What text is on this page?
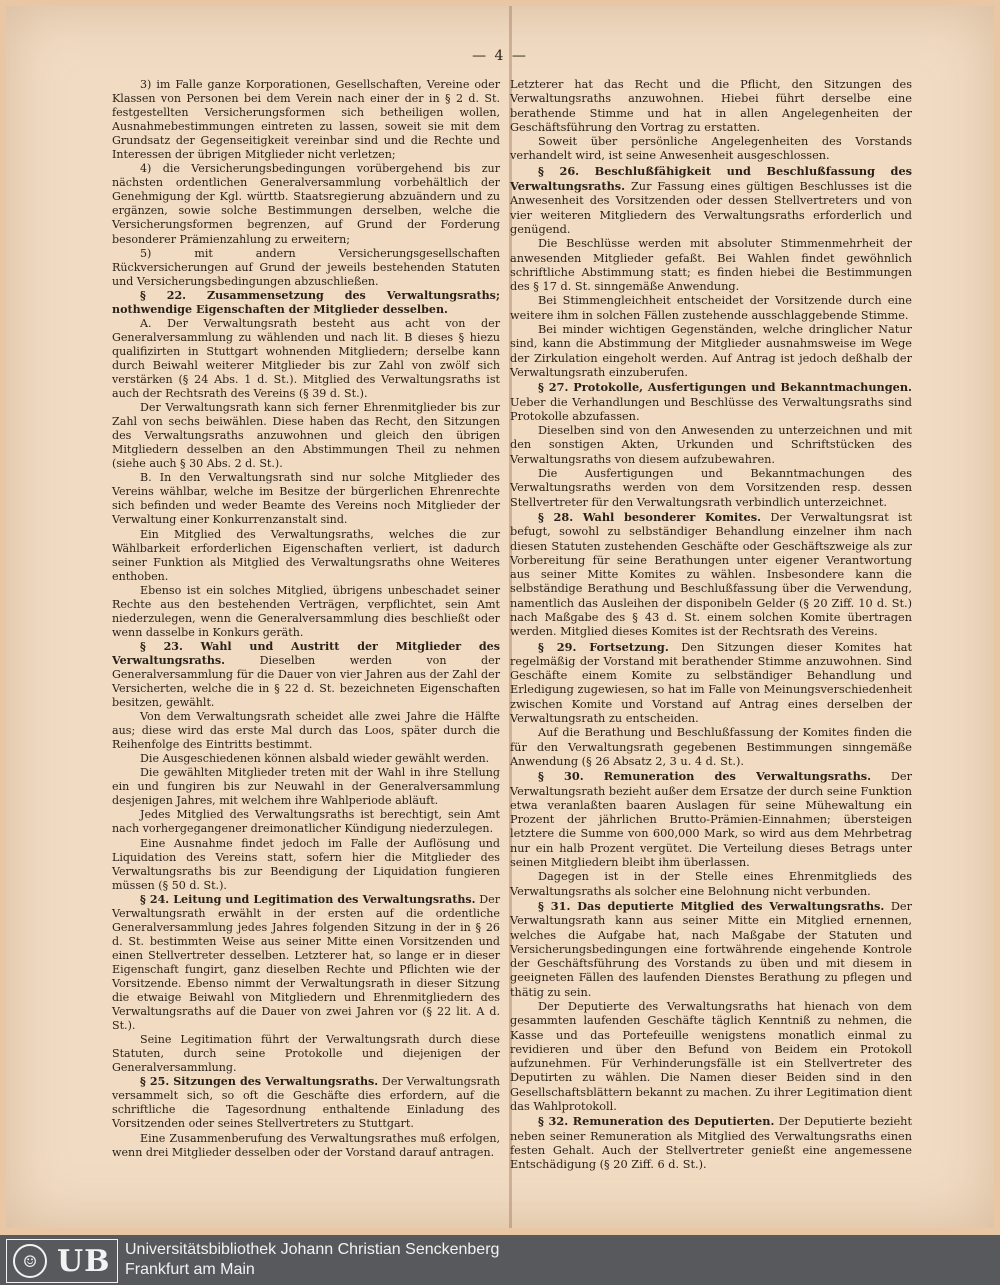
— 4 —

3) im Falle ganze Korporationen, Gesellschaften, Vereine oder Klassen von Personen bei dem Verein nach einer der in § 2 d. St. festgestellten Versicherungsformen sich betheiligen wollen, Ausnahmebestimmungen eintreten zu lassen, soweit sie mit dem Grundsatz der Gegenseitigkeit vereinbar sind und die Rechte und Interessen der übrigen Mitglieder nicht verletzen;

4) die Versicherungsbedingungen vorübergehend bis zur nächsten ordentlichen Generalversammlung vorbehältlich der Genehmigung der Kgl. württb. Staatsregierung abzuändern und zu ergänzen, sowie solche Bestimmungen derselben, welche die Versicherungsformen begrenzen, auf Grund der Forderung besonderer Prämienzahlung zu erweitern;

5) mit andern Versicherungsgesellschaften Rückversicherungen auf Grund der jeweils bestehenden Statuten und Versicherungsbedingungen abzuschließen.

§ 22. Zusammensetzung des Verwaltungsraths; nothwendige Eigenschaften der Mitglieder desselben.

A. Der Verwaltungsrath besteht aus acht von der Generalversammlung zu wählenden und nach lit. B dieses § hiezu qualifizirten in Stuttgart wohnenden Mitgliedern; derselbe kann durch Beiwahl weiterer Mitglieder bis zur Zahl von zwölf sich verstärken (§ 24 Abs. 1 d. St.). Mitglied des Verwaltungsraths ist auch der Rechtsrath des Vereins (§ 39 d. St.).

Der Verwaltungsrath kann sich ferner Ehrenmitglieder bis zur Zahl von sechs beiwählen. Diese haben das Recht, den Sitzungen des Verwaltungsraths anzuwohnen und gleich den übrigen Mitgliedern desselben an den Abstimmungen Theil zu nehmen (siehe auch § 30 Abs. 2 d. St.).

B. In den Verwaltungsrath sind nur solche Mitglieder des Vereins wählbar, welche im Besitze der bürgerlichen Ehrenrechte sich befinden und weder Beamte des Vereins noch Mitglieder der Verwaltung einer Konkurrenzanstalt sind.

Ein Mitglied des Verwaltungsraths, welches die zur Wählbarkeit erforderlichen Eigenschaften verliert, ist dadurch seiner Funktion als Mitglied des Verwaltungsraths ohne Weiteres enthoben.

Ebenso ist ein solches Mitglied, übrigens unbeschadet seiner Rechte aus den bestehenden Verträgen, verpflichtet, sein Amt niederzulegen, wenn die Generalversammlung dies beschließt oder wenn dasselbe in Konkurs geräth.

§ 23. Wahl und Austritt der Mitglieder des Verwaltungsraths.	Dieselben werden von der Generalversammlung für die Dauer von vier Jahren aus der Zahl der Versicherten, welche die in § 22 d. St. bezeichneten Eigenschaften besitzen, gewählt.

Von dem Verwaltungsrath scheidet alle zwei Jahre die Hälfte aus; diese wird das erste Mal durch das Loos, später durch die Reihenfolge des Eintritts bestimmt.

Die Ausgeschiedenen können alsbald wieder gewählt werden.

Die gewählten Mitglieder treten mit der Wahl in ihre Stellung ein und fungiren bis zur Neuwahl in der Generalversammlung desjenigen Jahres, mit welchem ihre Wahlperiode abläuft.

Jedes Mitglied des Verwaltungsraths ist berechtigt, sein Amt nach vorhergegangener dreimonatlicher Kündigung niederzulegen.

Eine Ausnahme findet jedoch im Falle der Auflösung und Liquidation des Vereins statt, sofern hier die Mitglieder des Verwaltungsraths bis zur Beendigung der Liquidation fungieren müssen (§ 50 d. St.).

§ 24. Leitung und Legitimation des Verwaltungsraths. Der Verwaltungsrath erwählt in der ersten auf die ordentliche Generalversammlung jedes Jahres folgenden Sitzung in der in § 26 d. St. bestimmten Weise aus seiner Mitte einen Vorsitzenden und einen Stellvertreter desselben. Letzterer hat, so lange er in dieser Eigenschaft fungirt, ganz dieselben Rechte und Pflichten wie der Vorsitzende. Ebenso nimmt der Verwaltungsrath in dieser Sitzung die etwaige Beiwahl von Mitgliedern und Ehrenmitgliedern des Verwaltungsraths auf die Dauer von zwei Jahren vor (§ 22 lit. A d. St.).

Seine Legitimation führt der Verwaltungsrath durch diese Statuten, durch seine Protokolle und diejenigen der Generalversammlung.

§ 25. Sitzungen des Verwaltungsraths. Der Verwaltungsrath versammelt sich, so oft die Geschäfte dies erfordern, auf die schriftliche die Tagesordnung enthaltende Einladung des Vorsitzenden oder seines Stellvertreters zu Stuttgart.

Eine Zusammenberufung des Verwaltungsrathes muß erfolgen, wenn drei Mitglieder desselben oder der Vorstand darauf antragen.

Letzterer hat das Recht und die Pflicht, den Sitzungen des Verwaltungsraths anzuwohnen. Hiebei führt derselbe eine berathende Stimme und hat in allen Angelegenheiten der Geschäftsführung den Vortrag zu erstatten.

Soweit über persönliche Angelegenheiten des Vorstands verhandelt wird, ist seine Anwesenheit ausgeschlossen.

§ 26. Beschlußfähigkeit und Beschlußfassung des Verwaltungsraths. Zur Fassung eines gültigen Beschlusses ist die Anwesenheit des Vorsitzenden oder dessen Stellvertreters und von vier weiteren Mitgliedern des Verwaltungsraths erforderlich und genügend.

Die Beschlüsse werden mit absoluter Stimmenmehrheit der anwesenden Mitglieder gefaßt. Bei Wahlen findet gewöhnlich schriftliche Abstimmung statt; es finden hiebei die Bestimmungen des § 17 d. St. sinngemäße Anwendung.

Bei Stimmengleichheit entscheidet der Vorsitzende durch eine weitere ihm in solchen Fällen zustehende ausschlaggebende Stimme.

Bei minder wichtigen Gegenständen, welche dringlicher Natur sind, kann die Abstimmung der Mitglieder ausnahmsweise im Wege der Zirkulation eingeholt werden. Auf Antrag ist jedoch deßhalb der Verwaltungsrath einzuberufen.

§ 27. Protokolle, Ausfertigungen und Bekanntmachungen. Ueber die Verhandlungen und Beschlüsse des Verwaltungsraths sind Protokolle abzufassen.

Dieselben sind von den Anwesenden zu unterzeichnen und mit den sonstigen Akten, Urkunden und Schriftstücken des Verwaltungsraths von diesem aufzubewahren.

Die Ausfertigungen und Bekanntmachungen des Verwaltungsraths werden von dem Vorsitzenden resp. dessen Stellvertreter für den Verwaltungsrath verbindlich unterzeichnet.

§ 28. Wahl besonderer Komites. Der Verwaltungsrat ist befugt, sowohl zu selbständiger Behandlung einzelner ihm nach diesen Statuten zustehenden Geschäfte oder Geschäftszweige als zur Vorbereitung für seine Berathungen unter eigener Verantwortung aus seiner Mitte Komites zu wählen. Insbesondere kann die selbständige Berathung und Beschlußfassung über die Verwendung, namentlich das Ausleihen der disponibeln Gelder (§ 20 Ziff. 10 d. St.) nach Maßgabe des § 43 d. St. einem solchen Komite übertragen werden. Mitglied dieses Komites ist der Rechtsrath des Vereins.

§ 29. Fortsetzung. Den Sitzungen dieser Komites hat regelmäßig der Vorstand mit berathender Stimme anzuwohnen. Sind Geschäfte einem Komite zu selbständiger Behandlung und Erledigung zugewiesen, so hat im Falle von Meinungsverschiedenheit zwischen Komite und Vorstand auf Antrag eines derselben der Verwaltungsrath zu entscheiden.

Auf die Berathung und Beschlußfassung der Komites finden die für den Verwaltungsrath gegebenen Bestimmungen sinngemäße Anwendung (§ 26 Absatz 2, 3 u. 4 d. St.).

§ 30. Remuneration des Verwaltungsraths. Der Verwaltungsrath bezieht außer dem Ersatze der durch seine Funktion etwa veranlaßten baaren Auslagen für seine Mühewaltung ein Prozent der jährlichen Brutto-Prämien-Einnahmen; übersteigen letztere die Summe von 600,000 Mark, so wird aus dem Mehrbetrag nur ein halb Prozent vergütet. Die Verteilung dieses Betrags unter seinen Mitgliedern bleibt ihm überlassen.

Dagegen ist in der Stelle eines Ehrenmitglieds des Verwaltungsraths als solcher eine Belohnung nicht verbunden.

§ 31. Das deputierte Mitglied des Verwaltungsraths. Der Verwaltungsrath kann aus seiner Mitte ein Mitglied ernennen, welches die Aufgabe hat, nach Maßgabe der Statuten und Versicherungsbedingungen eine fortwährende eingehende Kontrole der Geschäftsführung des Vorstands zu üben und mit diesem in geeigneten Fällen des laufenden Dienstes Berathung zu pflegen und thätig zu sein.

Der Deputierte des Verwaltungsraths hat hienach von dem gesammten laufenden Geschäfte täglich Kenntniß zu nehmen, die Kasse und das Portefeuille wenigstens monatlich einmal zu revidieren und über den Befund von Beidem ein Protokoll aufzunehmen. Für Verhinderungsfälle ist ein Stellvertreter des Deputirten zu wählen. Die Namen dieser Beiden sind in den Gesellschaftsblättern bekannt zu machen. Zu ihrer Legitimation dient das Wahlprotokoll.

§ 32. Remuneration des Deputierten. Der Deputierte bezieht neben seiner Remuneration als Mitglied des Verwaltungsraths einen festen Gehalt. Auch der Stellvertreter genießt eine angemessene Entschädigung (§ 20 Ziff. 6 d. St.).

☺ UB Universitätsbibliothek Johann Christian Senckenberg
Frankfurt am Main
